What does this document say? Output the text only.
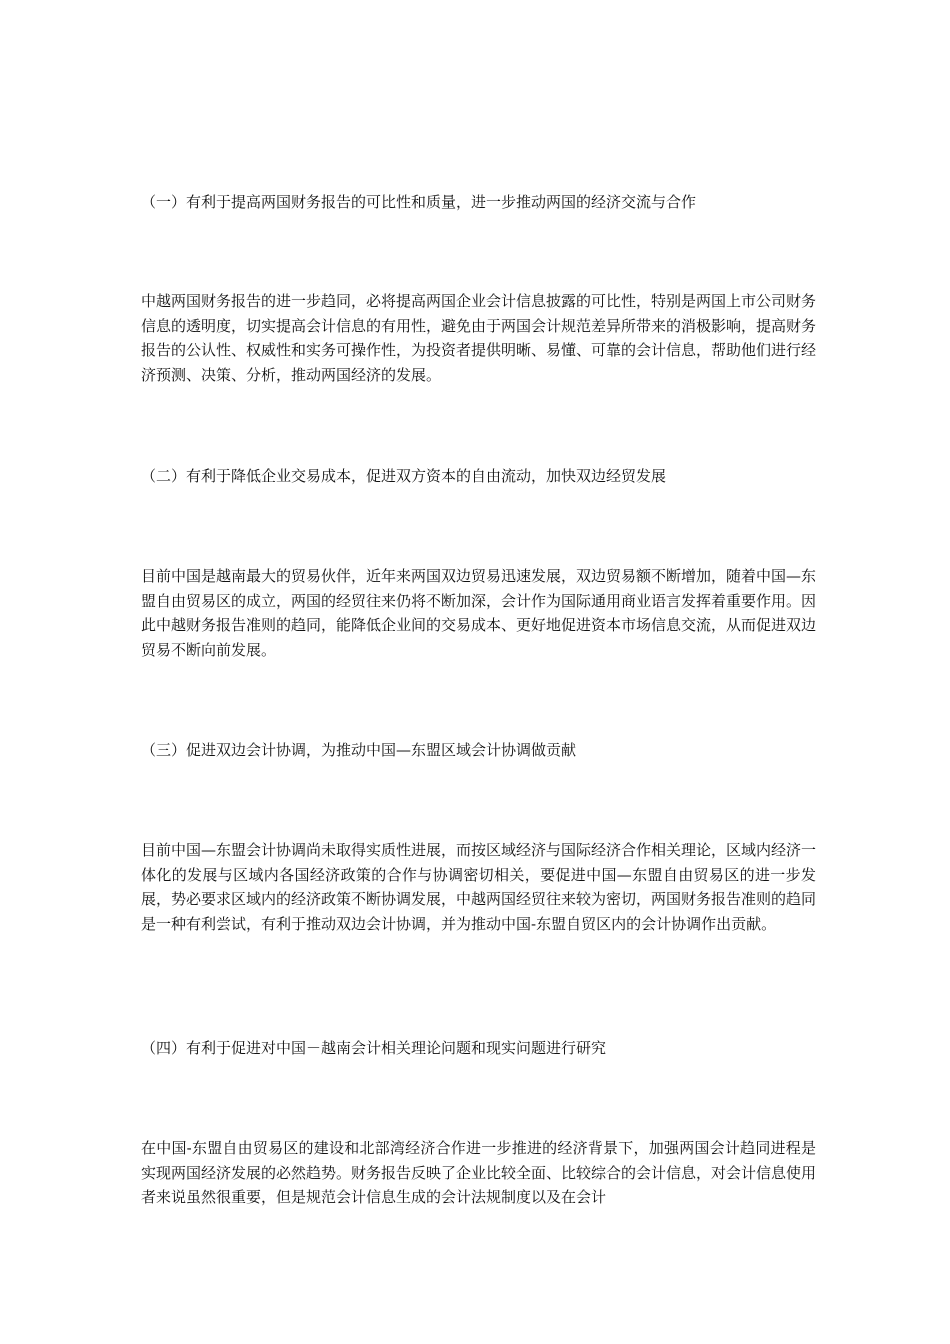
（一）有利于提高两国财务报告的可比性和质量，进一步推动两国的经济交流与合作
中越两国财务报告的进一步趋同，必将提高两国企业会计信息披露的可比性，特别是两国上市公司财务信息的透明度，切实提高会计信息的有用性，避免由于两国会计规范差异所带来的消极影响，提高财务报告的公认性、权威性和实务可操作性，为投资者提供明晰、易懂、可靠的会计信息，帮助他们进行经济预测、决策、分析，推动两国经济的发展。
（二）有利于降低企业交易成本，促进双方资本的自由流动，加快双边经贸发展
目前中国是越南最大的贸易伙伴，近年来两国双边贸易迅速发展，双边贸易额不断增加，随着中国—东盟自由贸易区的成立，两国的经贸往来仍将不断加深，会计作为国际通用商业语言发挥着重要作用。因此中越财务报告准则的趋同，能降低企业间的交易成本、更好地促进资本市场信息交流，从而促进双边贸易不断向前发展。
（三）促进双边会计协调，为推动中国—东盟区域会计协调做贡献
目前中国—东盟会计协调尚未取得实质性进展，而按区域经济与国际经济合作相关理论，区域内经济一体化的发展与区域内各国经济政策的合作与协调密切相关，要促进中国—东盟自由贸易区的进一步发展，势必要求区域内的经济政策不断协调发展，中越两国经贸往来较为密切，两国财务报告准则的趋同是一种有利尝试，有利于推动双边会计协调，并为推动中国-东盟自贸区内的会计协调作出贡献。
（四）有利于促进对中国－越南会计相关理论问题和现实问题进行研究
在中国-东盟自由贸易区的建设和北部湾经济合作进一步推进的经济背景下，加强两国会计趋同进程是实现两国经济发展的必然趋势。财务报告反映了企业比较全面、比较综合的会计信息，对会计信息使用者来说虽然很重要，但是规范会计信息生成的会计法规制度以及在会计
